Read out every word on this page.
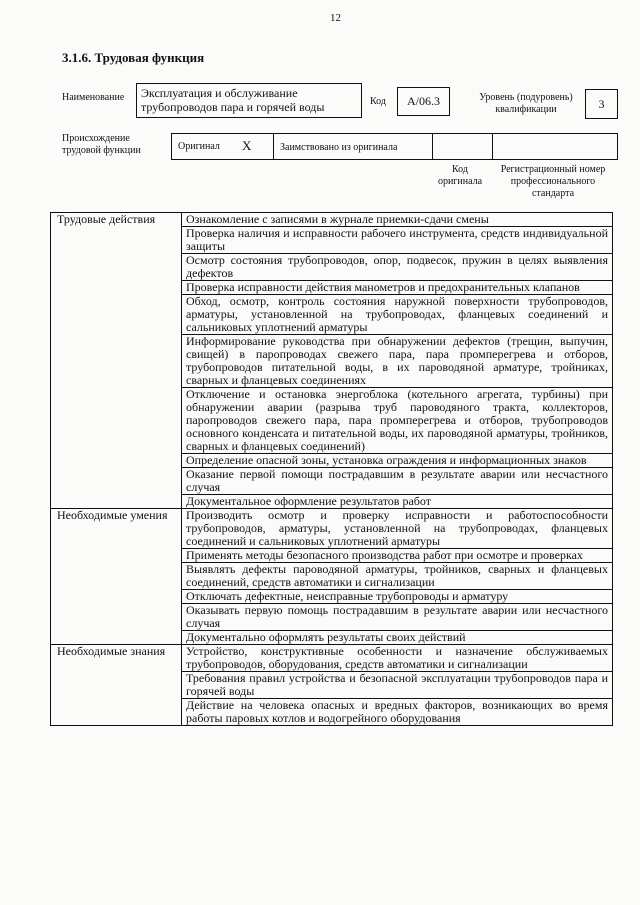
12
3.1.6. Трудовая функция
Наименование	Эксплуатация и обслуживание трубопроводов пара и горячей воды	Код	A/06.3	Уровень (подуровень) квалификации	3
Происхождение трудовой функции	Оригинал X	Заимствовано из оригинала
Код оригинала
Регистрационный номер профессионального стандарта
Трудовые действия	Ознакомление с записями в журнале приемки-сдачи смены
	Проверка наличия и исправности рабочего инструмента, средств индивидуальной защиты
	Осмотр состояния трубопроводов, опор, подвесок, пружин в целях выявления дефектов
	Проверка исправности действия манометров и предохранительных клапанов
	Обход, осмотр, контроль состояния наружной поверхности трубопроводов, арматуры, установленной на трубопроводах, фланцевых соединений и сальниковых уплотнений арматуры
	Информирование руководства при обнаружении дефектов (трещин, выпучин, свищей) в паропроводах свежего пара, пара промперегрева и отборов, трубопроводов питательной воды, в их пароводяной арматуре, тройниках, сварных и фланцевых соединениях
	Отключение и остановка энергоблока (котельного агрегата, турбины) при обнаружении аварии (разрыва труб пароводяного тракта, коллекторов, паропроводов свежего пара, пара промперегрева и отборов, трубопроводов основного конденсата и питательной воды, их пароводяной арматуры, тройников, сварных и фланцевых соединений)
	Определение опасной зоны, установка ограждения и информационных знаков
	Оказание первой помощи пострадавшим в результате аварии или несчастного случая
	Документальное оформление результатов работ
Необходимые умения	Производить осмотр и проверку исправности и работоспособности трубопроводов, арматуры, установленной на трубопроводах, фланцевых соединений и сальниковых уплотнений арматуры
	Применять методы безопасного производства работ при осмотре и проверках
	Выявлять дефекты пароводяной арматуры, тройников, сварных и фланцевых соединений, средств автоматики и сигнализации
	Отключать дефектные, неисправные трубопроводы и арматуру
	Оказывать первую помощь пострадавшим в результате аварии или несчастного случая
	Документально оформлять результаты своих действий
Необходимые знания	Устройство, конструктивные особенности и назначение обслуживаемых трубопроводов, оборудования, средств автоматики и сигнализации
	Требования правил устройства и безопасной эксплуатации трубопроводов пара и горячей воды
	Действие на человека опасных и вредных факторов, возникающих во время работы паровых котлов и водогрейного оборудования
